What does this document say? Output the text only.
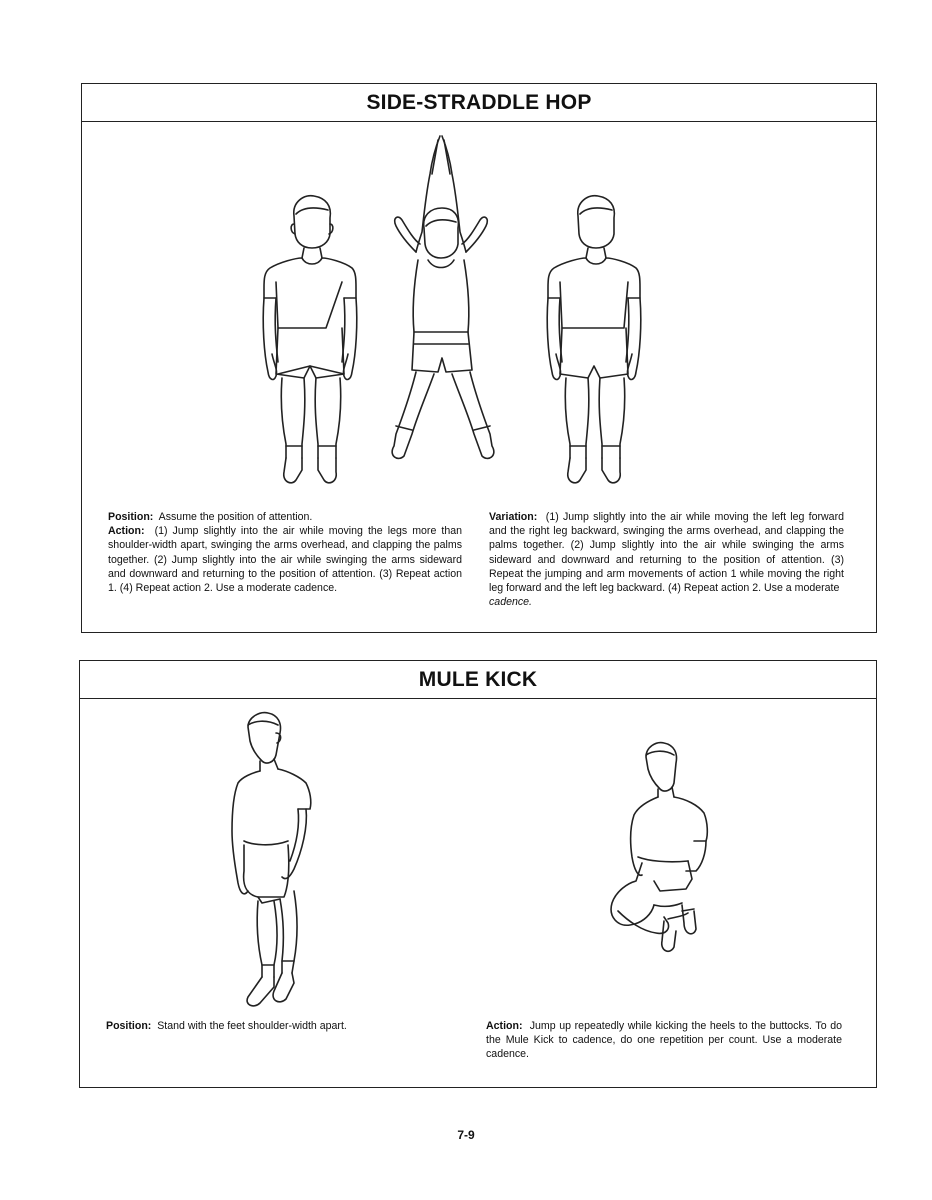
SIDE-STRADDLE HOP
Position: Assume the position of attention.
Action: (1) Jump slightly into the air while moving the legs more than shoulder-width apart, swinging the arms overhead, and clapping the palms together. (2) Jump slightly into the air while swinging the arms sideward and downward and returning to the position of attention. (3) Repeat action 1. (4) Repeat action 2. Use a moderate cadence.
Variation: (1) Jump slightly into the air while moving the left leg forward and the right leg backward, swinging the arms overhead, and clapping the palms together. (2) Jump slightly into the air while swinging the arms sideward and downward and returning to the position of attention. (3) Repeat the jumping and arm movements of action 1 while moving the right leg forward and the left leg backward. (4) Repeat action 2. Use a moderate
cadence.
MULE KICK
Position: Stand with the feet shoulder-width apart.	Action: Jump up repeatedly while kicking the heels to the buttocks. To do the Mule Kick to cadence, do one repetition per count. Use a moderate cadence.
7-9
